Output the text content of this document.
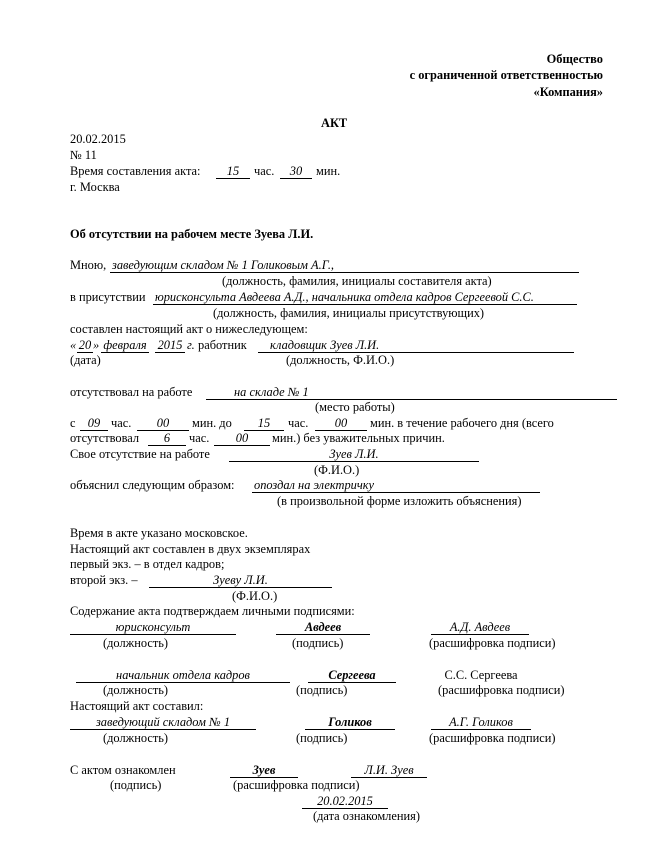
Общество
с ограниченной ответственностью
«Компания»
АКТ
20.02.2015
№ 11
Время составления акта:	15	час.	30	мин.
г. Москва
Об отсутствии на рабочем месте Зуева Л.И.
Мною, заведующим складом № 1 Голиковым А.Г.,
(должность, фамилия, инициалы составителя акта)
в присутствии юрисконсульта Авдеева А.Д., начальника отдела кадров Сергеевой С.С.
(должность, фамилия, инициалы присутствующих)
составлен настоящий акт о нижеследующем:
« 20 » февраля 2015 г. работник	кладовщик Зуев Л.И.
(дата)	(должность, Ф.И.О.)
отсутствовал на работе	на складе № 1
(место работы)
с 09 час.	00	мин. до	15	час.	00	мин. в течение рабочего дня (всего
отсутствовал	6	час.	00	мин.) без уважительных причин.
Свое отсутствие на работе	Зуев Л.И.
(Ф.И.О.)
объяснил следующим образом: опоздал на электричку
(в произвольной форме изложить объяснения)
Время в акте указано московское.
Настоящий акт составлен в двух экземплярах
первый экз. – в отдел кадров;
второй экз. –	Зуеву Л.И.
(Ф.И.О.)
Содержание акта подтверждаем личными подписями:
юрисконсульт	Авдеев	А.Д. Авдеев
(должность)	(подпись)	(расшифровка подписи)
начальник отдела кадров	Сергеева	С.С. Сергеева
(должность)	(подпись)	(расшифровка подписи)
Настоящий акт составил:
заведующий складом № 1	Голиков	А.Г. Голиков
(должность)	(подпись)	(расшифровка подписи)
С актом ознакомлен	Зуев	Л.И. Зуев
(подпись)	(расшифровка подписи)
20.02.2015
(дата ознакомления)
